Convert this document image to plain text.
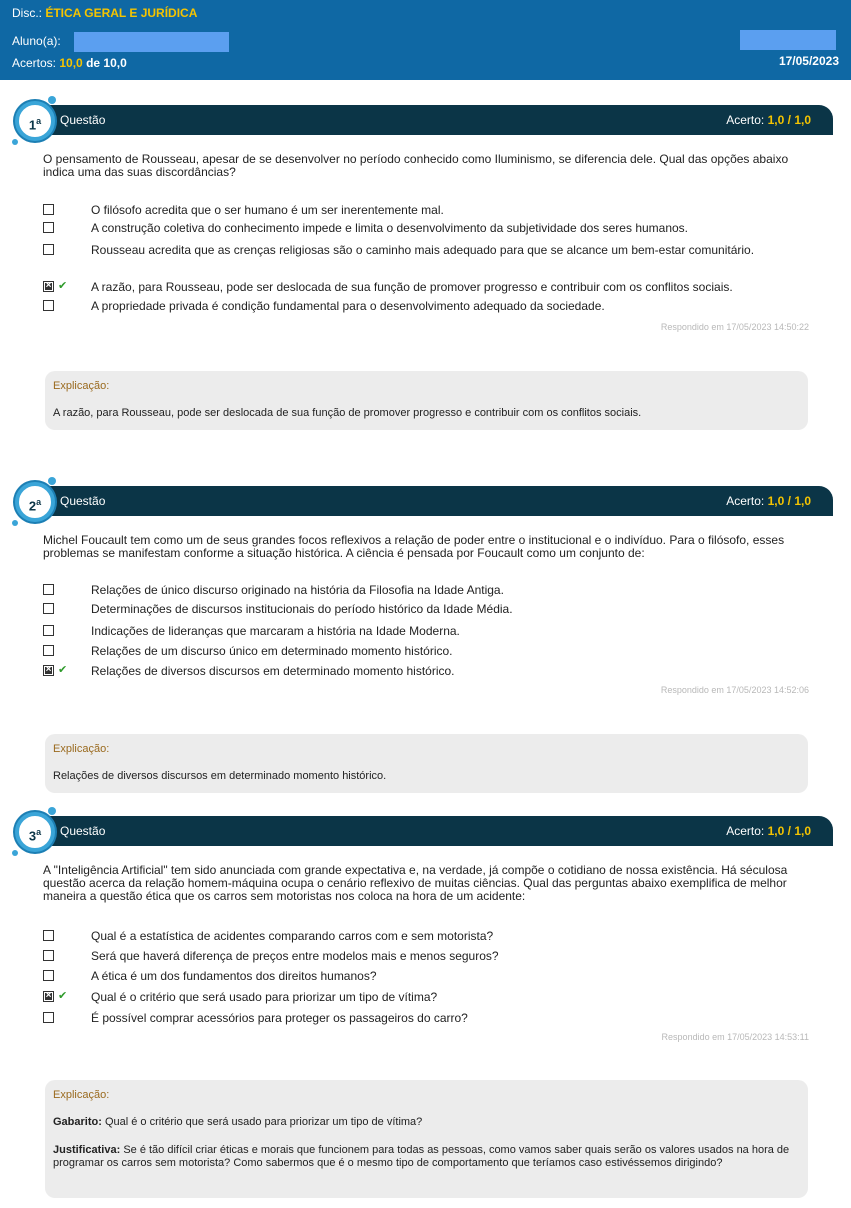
Disc.: ÉTICA GERAL E JURÍDICA
Aluno(a):
Acertos: 10,0 de 10,0	17/05/2023
Questão	Acerto: 1,0 / 1,0
1$^a$
O pensamento de Rousseau, apesar de se desenvolver no período conhecido como Iluminismo, se diferencia dele. Qual das opções abaixo indica uma das suas discordâncias?
O filósofo acredita que o ser humano é um ser inerentemente mal.
A construção coletiva do conhecimento impede e limita o desenvolvimento da subjetividade dos seres humanos.
Rousseau acredita que as crenças religiosas são o caminho mais adequado para que se alcance um bem-estar comunitário.
×
✔ A razão, para Rousseau, pode ser deslocada de sua função de promover progresso e contribuir com os conflitos sociais.
A propriedade privada é condição fundamental para o desenvolvimento adequado da sociedade.
Respondido em 17/05/2023 14:50:22
Explicação:
A razão, para Rousseau, pode ser deslocada de sua função de promover progresso e contribuir com os conflitos sociais.
Questão	Acerto: 1,0 / 1,0
2$^a$
Michel Foucault tem como um de seus grandes focos reflexivos a relação de poder entre o institucional e o indivíduo. Para o filósofo, esses problemas se manifestam conforme a situação histórica. A ciência é pensada por Foucault como um conjunto de:
Relações de único discurso originado na história da Filosofia na Idade Antiga.
Determinações de discursos institucionais do período histórico da Idade Média.
Indicações de lideranças que marcaram a história na Idade Moderna.
Relações de um discurso único em determinado momento histórico.
×
✔ Relações de diversos discursos em determinado momento histórico.
Respondido em 17/05/2023 14:52:06
Explicação:
Relações de diversos discursos em determinado momento histórico.
Questão	Acerto: 1,0 / 1,0
3$^a$
A "Inteligência Artificial" tem sido anunciada com grande expectativa e, na verdade, já compõe o cotidiano de nossa existência. Há séculosa questão acerca da relação homem-máquina ocupa o cenário reflexivo de muitas ciências. Qual das perguntas abaixo exemplifica de melhor maneira a questão ética que os carros sem motoristas nos coloca na hora de um acidente:
Qual é a estatística de acidentes comparando carros com e sem motorista?
Será que haverá diferença de preços entre modelos mais e menos seguros?
A ética é um dos fundamentos dos direitos humanos?
×
✔ Qual é o critério que será usado para priorizar um tipo de vítima?
É possível comprar acessórios para proteger os passageiros do carro?
Respondido em 17/05/2023 14:53:11
Explicação:
Gabarito: Qual é o critério que será usado para priorizar um tipo de vítima?
Justificativa: Se é tão difícil criar éticas e morais que funcionem para todas as pessoas, como vamos saber quais serão os valores usados na hora de programar os carros sem motorista? Como sabermos que é o mesmo tipo de comportamento que teríamos caso estivéssemos dirigindo?
